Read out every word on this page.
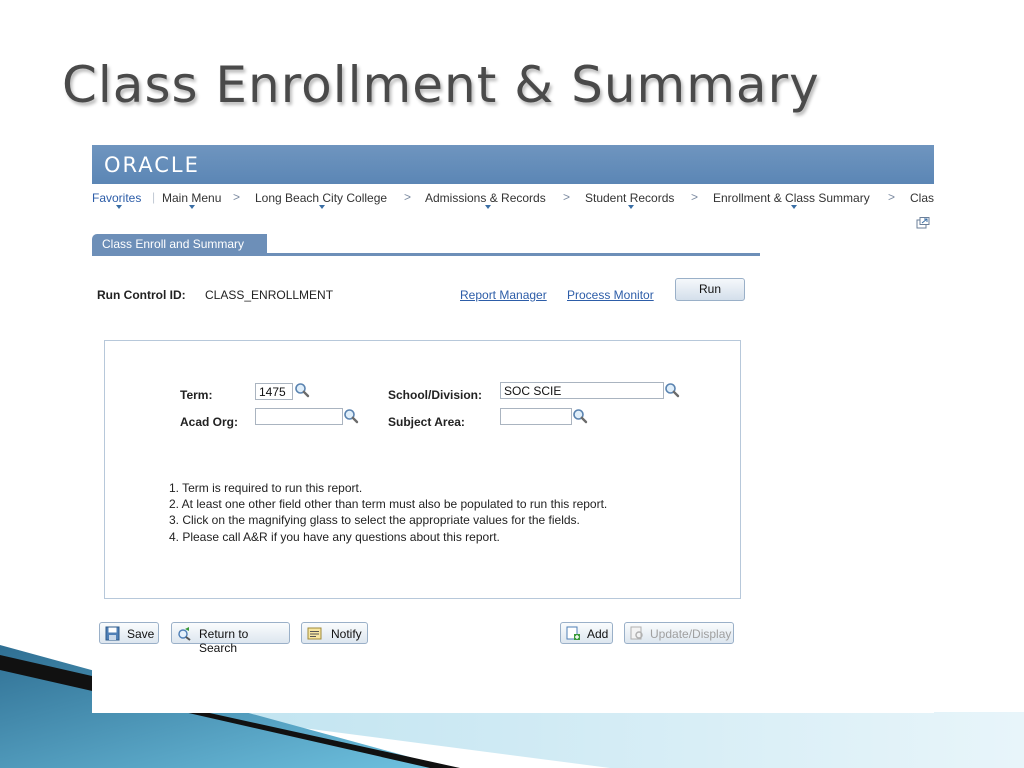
Class Enrollment & Summary
ORACLE
Favorites | Main Menu > Long Beach City College > Admissions & Records > Student Records > Enrollment & Class Summary > Clas
Class Enroll and Summary
Run Control ID: CLASS_ENROLLMENT	Report Manager Process Monitor	Run
Term:	1475	School/Division:	SOC SCIE
Acad Org:	Subject Area:
1. Term is required to run this report.
2. At least one other field other than term must also be populated to run this report.
3. Click on the magnifying glass to select the appropriate values for the fields.
4. Please call A&R if you have any questions about this report.
Save	Return to Search
Notify	Add	Update/Display
